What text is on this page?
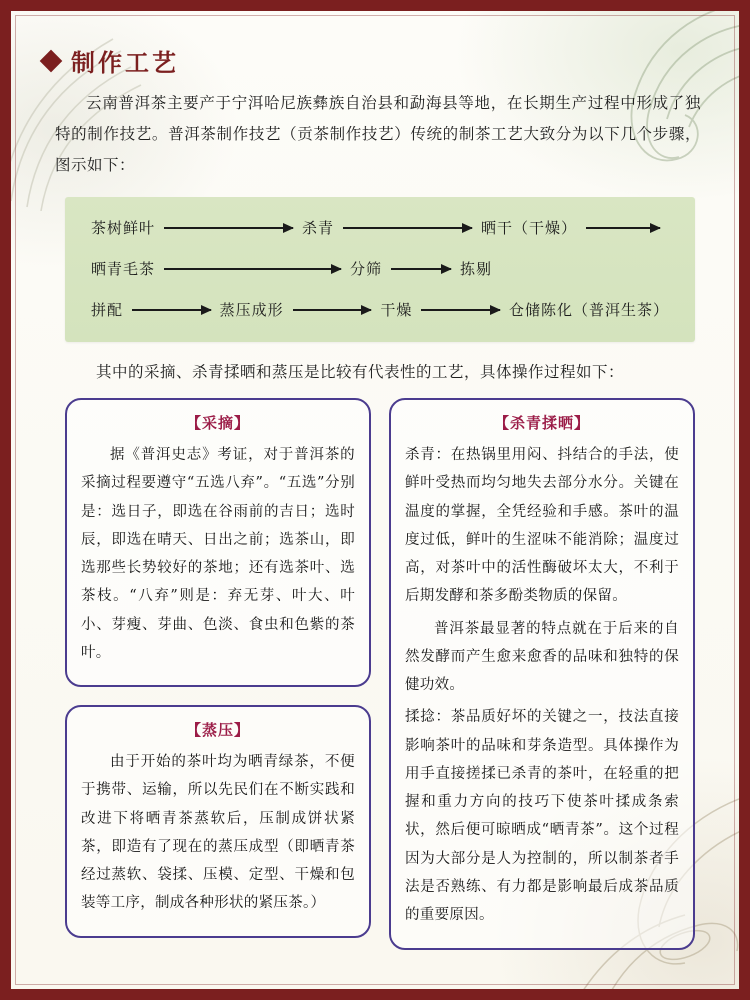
制作工艺

云南普洱茶主要产于宁洱哈尼族彝族自治县和勐海县等地，在长期生产过程中形成了独特的制作技艺。普洱茶制作技艺（贡茶制作技艺）传统的制茶工艺大致分为以下几个步骤，图示如下：

茶树鲜叶	杀青	晒干（干燥）
晒青毛茶	分筛	拣剔
拼配	蒸压成形	干燥	仓储陈化（普洱生茶）

其中的采摘、杀青揉晒和蒸压是比较有代表性的工艺，具体操作过程如下：

【采摘】

据《普洱史志》考证，对于普洱茶的采摘过程要遵守“五选八弃”。“五选”分别是：选日子，即选在谷雨前的吉日；选时辰，即选在晴天、日出之前；选茶山，即选那些长势较好的茶地；还有选茶叶、选茶枝。“八弃”则是：弃无芽、叶大、叶小、芽瘦、芽曲、色淡、食虫和色紫的茶叶。

【蒸压】

由于开始的茶叶均为晒青绿茶，不便于携带、运输，所以先民们在不断实践和改进下将晒青茶蒸软后，压制成饼状紧茶，即造有了现在的蒸压成型（即晒青茶经过蒸软、袋揉、压模、定型、干燥和包装等工序，制成各种形状的紧压茶。）

【杀青揉晒】

杀青：在热锅里用闷、抖结合的手法，使鲜叶受热而均匀地失去部分水分。关键在温度的掌握，全凭经验和手感。茶叶的温度过低，鲜叶的生涩味不能消除；温度过高，对茶叶中的活性酶破坏太大，不利于后期发酵和茶多酚类物质的保留。

普洱茶最显著的特点就在于后来的自然发酵而产生愈来愈香的品味和独特的保健功效。

揉捻：茶品质好坏的关键之一，技法直接影响茶叶的品味和芽条造型。具体操作为用手直接搓揉已杀青的茶叶，在轻重的把握和重力方向的技巧下使茶叶揉成条索状，然后便可晾晒成“晒青茶”。这个过程因为大部分是人为控制的，所以制茶者手法是否熟练、有力都是影响最后成茶品质的重要原因。
